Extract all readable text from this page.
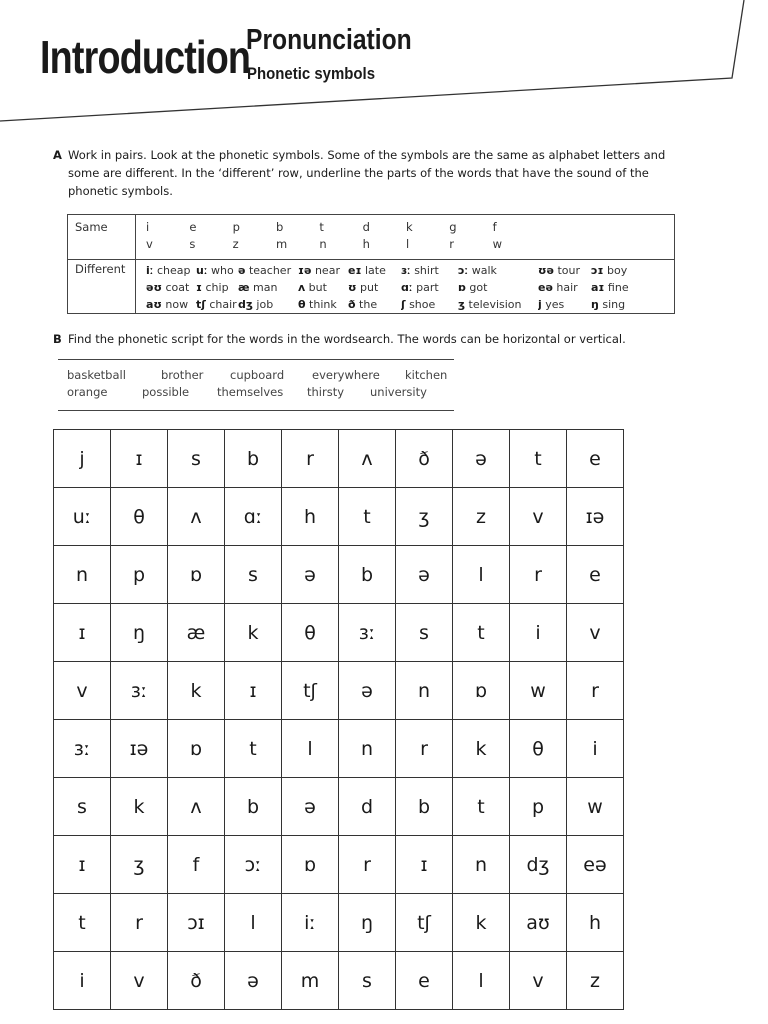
Introduction
Pronunciation
Phonetic symbols
A Work in pairs. Look at the phonetic symbols. Some of the symbols are the same as alphabet letters and
some are different. In the ‘different’ row, underline the parts of the words that have the sound of the
phonetic symbols.
Same
Different
i	e	p	b	t	d	k	g	f
v	s	z	m	n	h	l	r	w
iː cheap uː who ə teacher ɪə near eɪ late	ɜː shirt	ɔː walk	ʊə tour ɔɪ boy
əʊ coat ɪ chip æ man	ʌ but	ʊ put	ɑː part	ɒ got	eə hair	aɪ fine
aʊ now tʃ chair dʒ job	θ think	ð the	ʃ shoe	ʒ television	j yes	ŋ sing
B Find the phonetic script for the words in the wordsearch. The words can be horizontal or vertical.
basketball	brother cupboard everywhere kitchen
orange	possible themselves thirsty university
j	ɪ	s	b	r	ʌ	ð	ə	t	e
uː	θ	ʌ	ɑː	h	t	ʒ	z	v	ɪə
n	p	ɒ	s	ə	b	ə	l	r	e
ɪ	ŋ	æ	k	θ	ɜː	s	t	i	v
v	ɜː	k	ɪ	tʃ	ə	n	ɒ	w	r
ɜː	ɪə	ɒ	t	l	n	r	k	θ	i
s	k	ʌ	b	ə	d	b	t	p	w
ɪ	ʒ	f	ɔː	ɒ	r	ɪ	n	dʒ	eə
t	r	ɔɪ	l	iː	ŋ	tʃ	k	aʊ	h
i	v	ð	ə	m	s	e	l	v	z
